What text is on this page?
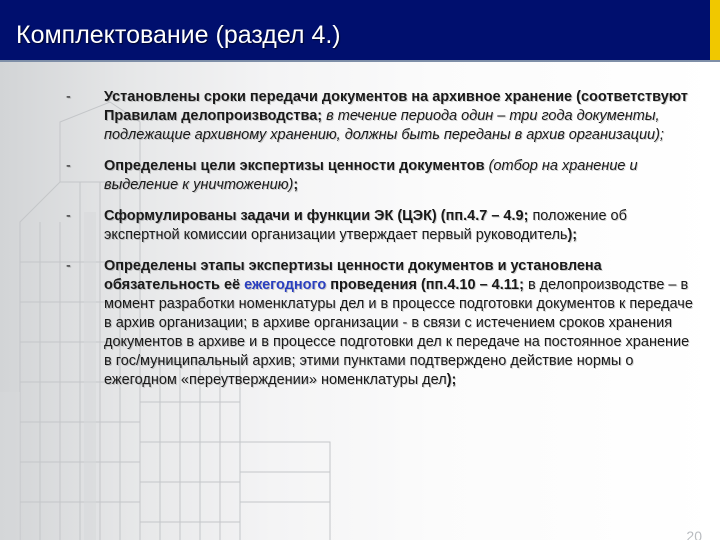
Комплектование (раздел 4.)
- Установлены сроки передачи документов на архивное хранение (соответствуют Правилам делопроизводства; в течение периода один – три года документы, подлежащие архивному хранению, должны быть переданы в архив организации);
- Определены цели экспертизы ценности документов (отбор на хранение и выделение к уничтожению);
- Сформулированы задачи и функции ЭК (ЦЭК) (пп.4.7 – 4.9; положение об экспертной комиссии организации утверждает первый руководитель);
- Определены этапы экспертизы ценности документов и установлена обязательность её ежегодного проведения (пп.4.10 – 4.11; в делопроизводстве – в момент разработки номенклатуры дел и в процессе подготовки документов к передаче в архив организации; в архиве организации - в связи с истечением сроков хранения документов в архиве и в процессе подготовки дел к передаче на постоянное хранение в гос/муниципальный архив; этими пунктами подтверждено действие нормы о ежегодном «переутверждении» номенклатуры дел);
20
